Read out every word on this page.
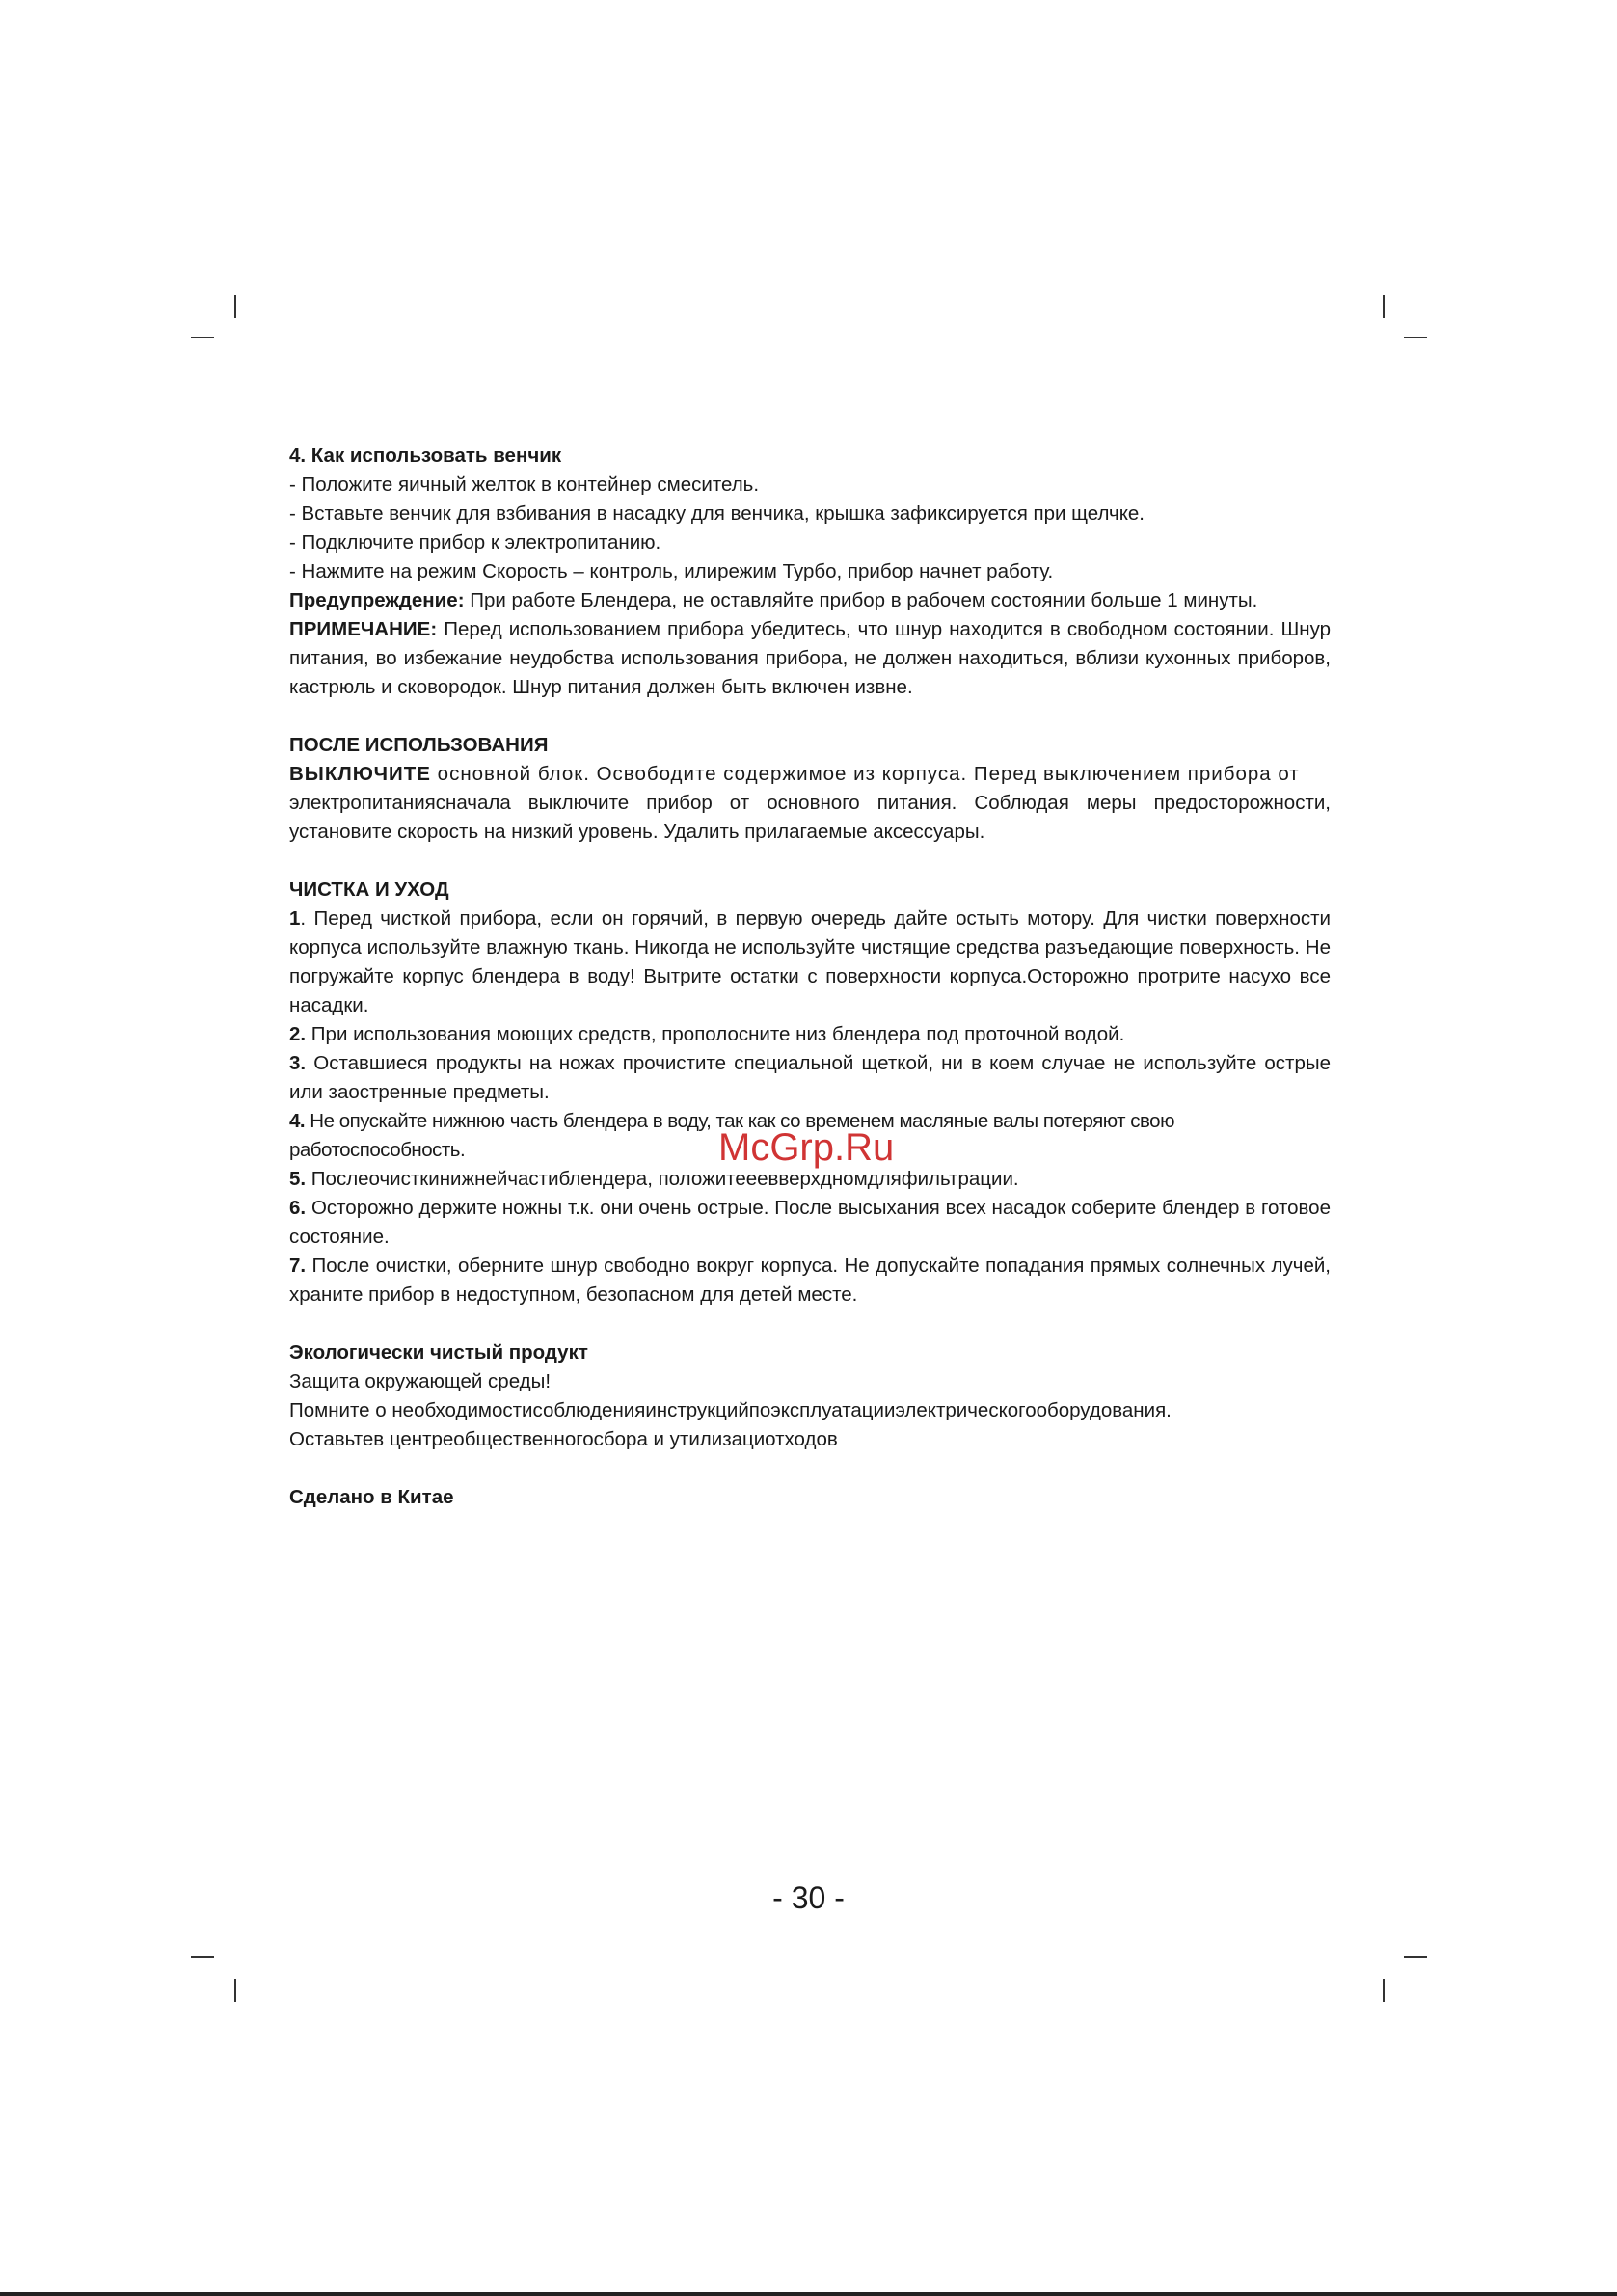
4. Как использовать венчик

- Положите яичный желток в контейнер смеситель.

- Вставьте венчик для взбивания в насадку для венчика, крышка зафиксируется при щелчке.

- Подключите прибор к электропитанию.

- Нажмите на режим Скорость – контроль, илирежим Турбо, прибор начнет работу.

Предупреждение: При работе Блендера, не оставляйте прибор в рабочем состоянии больше 1 минуты.

ПРИМЕЧАНИЕ: Перед использованием прибора убедитесь, что шнур находится в свободном состоянии. Шнур питания, во избежание неудобства использования прибора, не должен находиться, вблизи кухонных приборов, кастрюль и сковородок. Шнур питания должен быть включен извне.

ПОСЛЕ ИСПОЛЬЗОВАНИЯ

ВЫКЛЮЧИТЕ основной блок. Освободите содержимое из корпуса. Перед выключением прибора от

электропитаниясначала выключите прибор от основного питания. Соблюдая меры предосторожности, установите скорость на низкий уровень. Удалить прилагаемые аксессуары.

ЧИСТКА И УХОД

1. Перед чисткой прибора, если он горячий, в первую очередь дайте остыть мотору. Для чистки поверхности корпуса используйте влажную ткань. Никогда не используйте чистящие средства разъедающие поверхность. Не погружайте корпус блендера в воду! Вытрите остатки с поверхности корпуса.Осторожно протрите насухо все насадки.

2. При использования моющих средств, прополосните низ блендера под проточной водой.

3. Оставшиеся продукты на ножах прочистите специальной щеткой, ни в коем случае не используйте острые или заостренные предметы.

4. Не опускайте нижнюю часть блендера в воду, так как со временем масляные валы потеряют свою работоспособность.

5. Послеочисткинижнейчастиблендера, положитееевверхдномдляфильтрации.

6. Осторожно держите ножны т.к. они очень острые. После высыхания всех насадок соберите блендер в готовое состояние.

7. После очистки, оберните шнур свободно вокруг корпуса. Не допускайте попадания прямых солнечных лучей, храните прибор в недоступном, безопасном для детей месте.

Экологически чистый продукт

Защита окружающей среды!

Помните о необходимостисоблюденияинструкцийпоэксплуатацииэлектрическогооборудования.

Оставьтев центреобщественногосбора и утилизациотходов

Сделано в Китае

McGrp.Ru
- 30 -
